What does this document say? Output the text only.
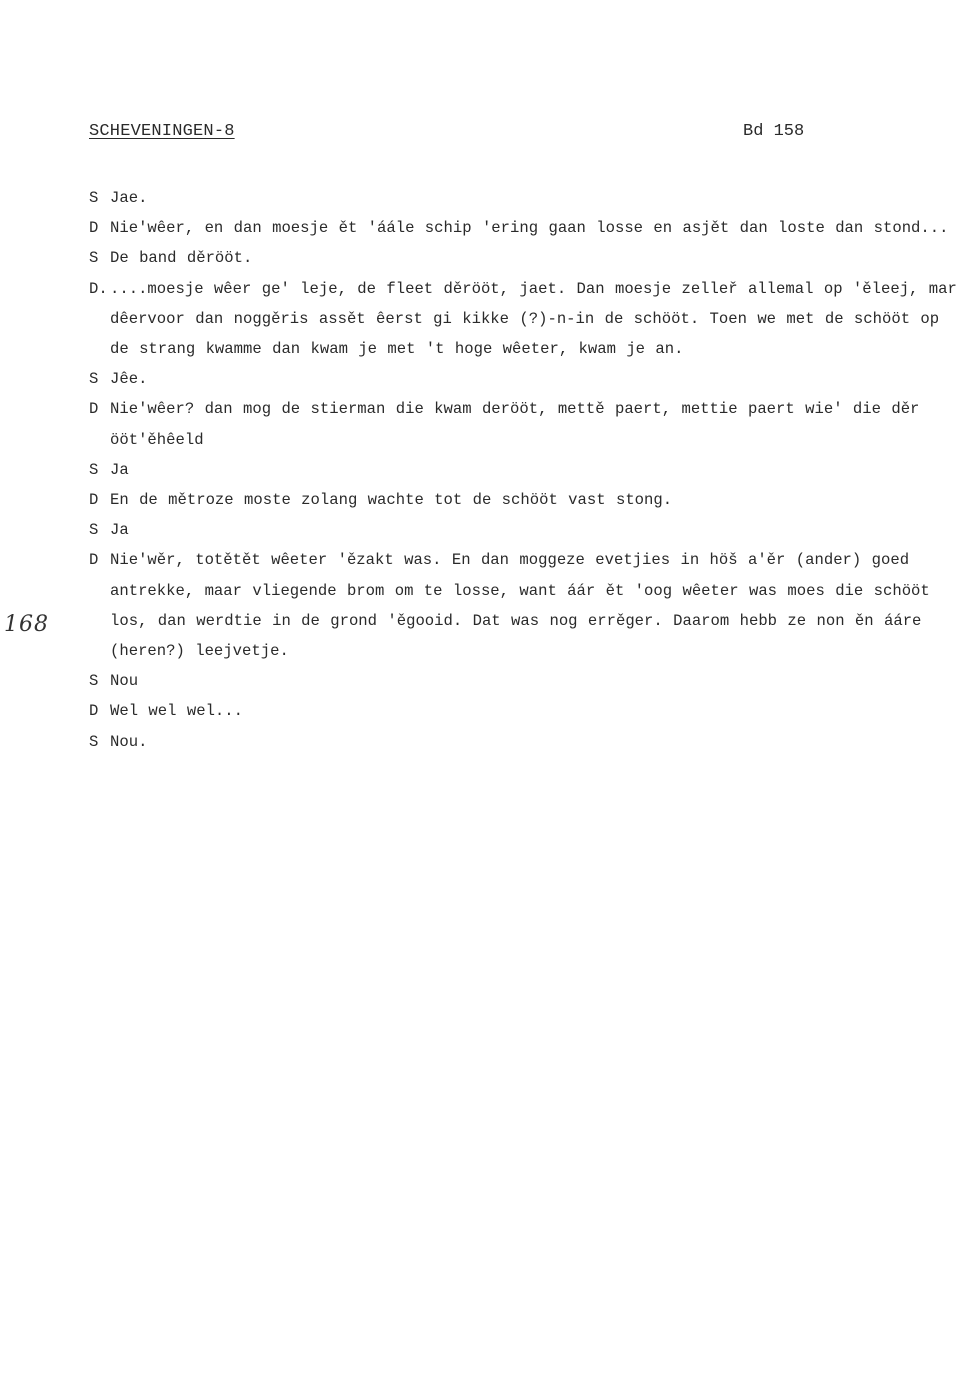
SCHEVENINGEN-8	Bd 158
168
S Jae.
D Nie'wêer, en dan moesje ět 'áále schip 'ering gaan losse en asjět dan loste dan stond...
S De band děrööt.
D. ....moesje wêer ge' leje, de fleet děrööt, jaet. Dan moesje zelleř allemal op 'ěleej, mar dêervoor dan noggěris assět êerst gi kikke (?)-n-in de schööt. Toen we met de schööt op de strang kwamme dan kwam je met 't hoge wêeter, kwam je an.
S Jêe.
D Nie'wêer? dan mog de stierman die kwam derööt, mettě paert, mettie paert wie' die děr ööt'ěhêeld
S Ja
D En de mětroze moste zolang wachte tot de schööt vast stong.
S Ja
D Nie'wěr, totětět wêeter 'ězakt was. En dan moggeze evetjies in höš a'ěr (ander) goed antrekke, maar vliegende brom om te losse, want áár ět 'oog wêeter was moes die schööt los, dan werdtie in de grond 'ěgooid. Dat was nog errěger. Daarom hebb ze non ěn ááre (heren?) leejvetje.
S Nou
D Wel wel wel...
S Nou.
